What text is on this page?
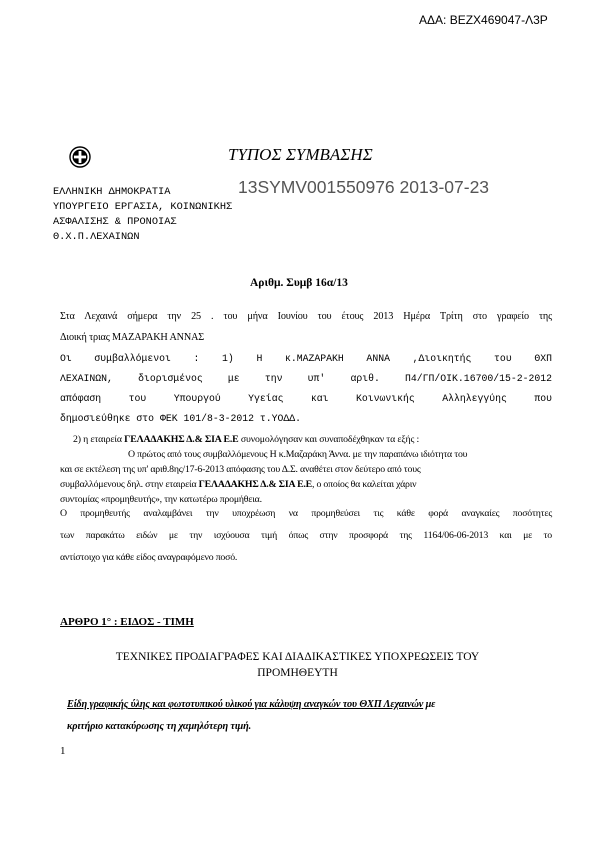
ΑΔΑ: ΒΕΖΧ469047-Λ3Ρ
ΤΥΠΟΣ ΣΥΜΒΑΣΗΣ
13SYMV001550976 2013-07-23
ΕΛΛΗΝΙΚΗ ΔΗΜΟΚΡΑΤΙΑ
ΥΠΟΥΡΓΕΙΟ ΕΡΓΑΣΙΑ, ΚΟΙΝΩΝΙΚΗΣ
ΑΣΦΑΛΙΣΗΣ & ΠΡΟΝΟΙΑΣ
Θ.Χ.Π.ΛΕΧΑΙΝΩΝ
Αριθμ. Συμβ 16α/13
Στα Λεχαινά σήμερα την 25 . του μήνα Ιουνίου του έτους 2013 Ημέρα Τρίτη στο γραφείο της
Διοική τριας ΜΑΖΑΡΑΚΗ ΑΝΝΑΣ
Οι συμβαλλόμενοι : 1) Η κ.ΜΑΖΑΡΑΚΗ ΑΝΝΑ ,Διοικητής του ΘΧΠ
ΛΕΧΑΙΝΩΝ, διορισμένος με την υπ' αριθ. Π4/ΓΠ/ΟΙΚ.16700/15-2-2012
απόφαση του Υπουργού Υγείας και Κοινωνικής Αλληλεγγύης που
δημοσιεύθηκε στο ΦΕΚ 101/8-3-2012 τ.ΥΟΔΔ.
2) η εταιρεία ΓΕΛΑΔΑΚΗΣ Δ.& ΣΙΑ Ε.Ε συνομολόγησαν και συναποδέχθηκαν τα εξής :
Ο πρώτος από τους συμβαλλόμενους Η κ.Μαζαράκη Άννα. με την παραπάνω ιδιότητα του
και σε εκτέλεση της υπ' αριθ.8ης/17-6-2013 απόφασης του Δ.Σ. αναθέτει στον δεύτερο από τους
συμβαλλόμενους δηλ. στην εταιρεία ΓΕΛΑΔΑΚΗΣ Δ.& ΣΙΑ Ε.Ε, ο οποίος θα καλείται χάριν
συντομίας «προμηθευτής», την κατωτέρω προμήθεια.
Ο προμηθευτής αναλαμβάνει την υποχρέωση να προμηθεύσει τις κάθε φορά αναγκαίες ποσότητες
των παρακάτω ειδών με την ισχύουσα τιμή όπως στην προσφορά της 1164/06-06-2013 και με το
αντίστοιχο για κάθε είδος αναγραφόμενο ποσό.
ΑΡΘΡΟ 1° : ΕΙΔΟΣ - ΤΙΜΗ
ΤΕΧΝΙΚΕΣ ΠΡΟΔΙΑΓΡΑΦΕΣ ΚΑΙ ΔΙΑΔΙΚΑΣΤΙΚΕΣ ΥΠΟΧΡΕΩΣΕΙΣ ΤΟΥ
ΠΡΟΜΗΘΕΥΤΗ
Είδη γραφικής ύλης και φωτοτυπικού υλικού για κάλυψη αναγκών του ΘΧΠ Λεχαινών με
κριτήριο κατακύρωσης τη χαμηλότερη τιμή.
1
